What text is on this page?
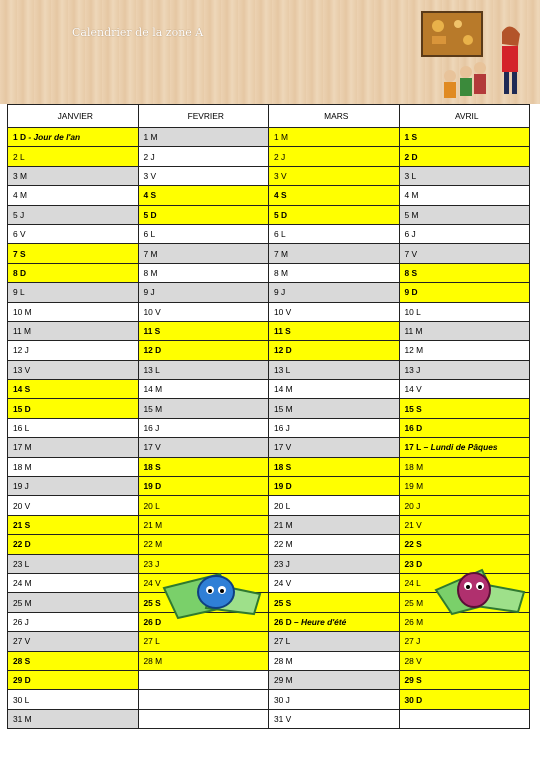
Calendrier de la zone A
JANVIER	FEVRIER	MARS	AVRIL
1 D - Jour de l'an	1 M	1 M	1 S
2 L	2 J	2 J	2 D
3 M	3 V	3 V	3 L
4 M	4 S	4 S	4 M
5 J	5 D	5 D	5 M
6 V	6 L	6 L	6 J
7 S	7 M	7 M	7 V
8 D	8 M	8 M	8 S
9 L	9 J	9 J	9 D
10 M	10 V	10 V	10 L
11 M	11 S	11 S	11 M
12 J	12 D	12 D	12 M
13 V	13 L	13 L	13 J
14 S	14 M	14 M	14 V
15 D	15 M	15 M	15 S
16 L	16 J	16 J	16 D
17 M	17 V	17 V	17 L – Lundi de Pâques
18 M	18 S	18 S	18 M
19 J	19 D	19 D	19 M
20 V	20 L	20 L	20 J
21 S	21 M	21 M	21 V
22 D	22 M	22 M	22 S
23 L	23 J	23 J	23 D
24 M	24 V	24 V	24 L
25 M	25 S	25 S	25 M
26 J	26 D	26 D – Heure d'été	26 M
27 V	27 L	27 L	27 J
28 S	28 M	28 M	28 V
29 D		29 M	29 S
30 L		30 J	30 D
31 M		31 V	
